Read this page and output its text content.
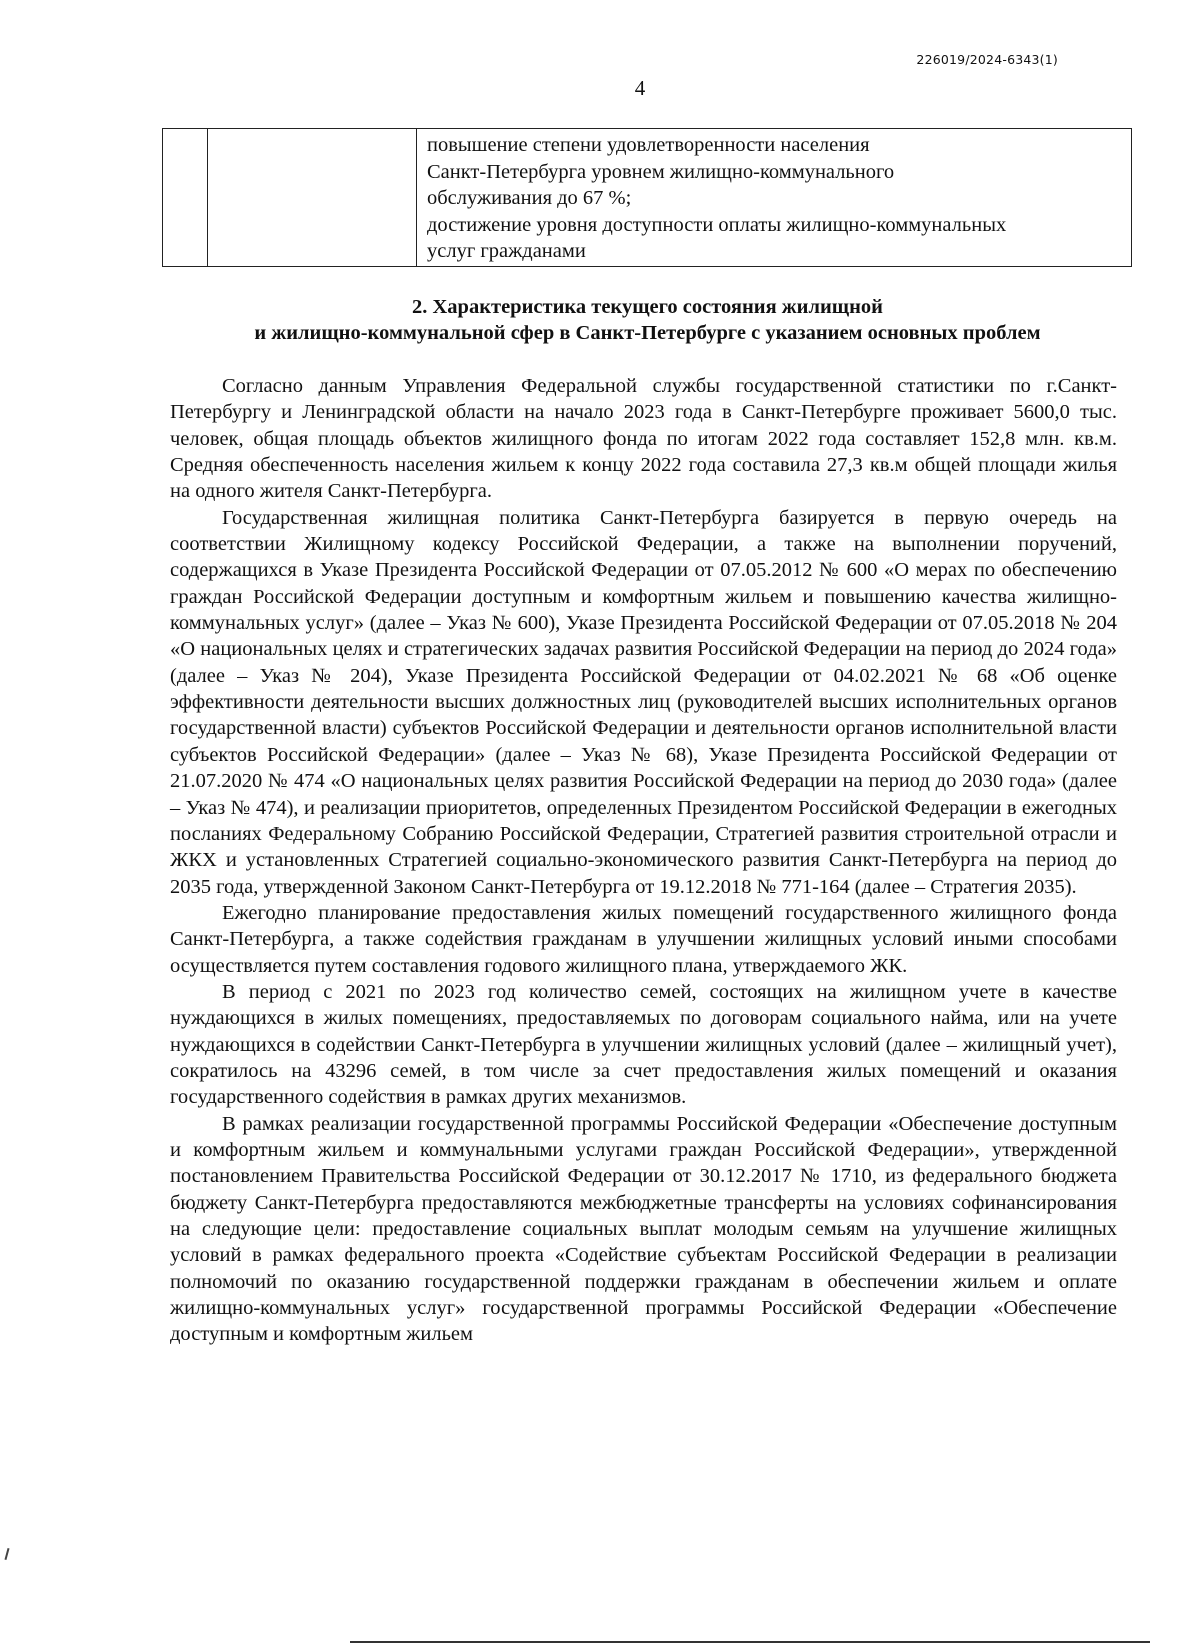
226019/2024-6343(1)
4

повышение степени удовлетворенности населения
Санкт-Петербурга уровнем жилищно-коммунального
обслуживания до 67 %;
достижение уровня доступности оплаты жилищно-коммунальных
услуг гражданами
2. Характеристика текущего состояния жилищной
и жилищно-коммунальной сфер в Санкт-Петербурге с указанием основных проблем

Согласно данным Управления Федеральной службы государственной статистики по г.Санкт-Петербургу и Ленинградской области на начало 2023 года в Санкт-Петербурге проживает 5600,0 тыс. человек, общая площадь объектов жилищного фонда по итогам 2022 года составляет 152,8 млн. кв.м. Средняя обеспеченность населения жильем к концу 2022 года составила 27,3 кв.м общей площади жилья на одного жителя Санкт-Петербурга.

Государственная жилищная политика Санкт-Петербурга базируется в первую очередь на соответствии Жилищному кодексу Российской Федерации, а также на выполнении поручений, содержащихся в Указе Президента Российской Федерации от 07.05.2012 № 600 «О мерах по обеспечению граждан Российской Федерации доступным и комфортным жильем и повышению качества жилищно-коммунальных услуг» (далее – Указ № 600), Указе Президента Российской Федерации от 07.05.2018 № 204 «О национальных целях и стратегических задачах развития Российской Федерации на период до 2024 года» (далее – Указ № 204), Указе Президента Российской Федерации от 04.02.2021 № 68 «Об оценке эффективности деятельности высших должностных лиц (руководителей высших исполнительных органов государственной власти) субъектов Российской Федерации и деятельности органов исполнительной власти субъектов Российской Федерации» (далее – Указ № 68), Указе Президента Российской Федерации от 21.07.2020 № 474 «О национальных целях развития Российской Федерации на период до 2030 года» (далее – Указ № 474), и реализации приоритетов, определенных Президентом Российской Федерации в ежегодных посланиях Федеральному Собранию Российской Федерации, Стратегией развития строительной отрасли и ЖКХ и установленных Стратегией социально-экономического развития Санкт-Петербурга на период до 2035 года, утвержденной Законом Санкт-Петербурга от 19.12.2018 № 771-164 (далее – Стратегия 2035).

Ежегодно планирование предоставления жилых помещений государственного жилищного фонда Санкт-Петербурга, а также содействия гражданам в улучшении жилищных условий иными способами осуществляется путем составления годового жилищного плана, утверждаемого ЖК.

В период с 2021 по 2023 год количество семей, состоящих на жилищном учете в качестве нуждающихся в жилых помещениях, предоставляемых по договорам социального найма, или на учете нуждающихся в содействии Санкт-Петербурга в улучшении жилищных условий (далее – жилищный учет), сократилось на 43296 семей, в том числе за счет предоставления жилых помещений и оказания государственного содействия в рамках других механизмов.

В рамках реализации государственной программы Российской Федерации «Обеспечение доступным и комфортным жильем и коммунальными услугами граждан Российской Федерации», утвержденной постановлением Правительства Российской Федерации от 30.12.2017 № 1710, из федерального бюджета бюджету Санкт-Петербурга предоставляются межбюджетные трансферты на условиях софинансирования на следующие цели: предоставление социальных выплат молодым семьям на улучшение жилищных условий в рамках федерального проекта «Содействие субъектам Российской Федерации в реализации полномочий по оказанию государственной поддержки гражданам в обеспечении жильем и оплате жилищно-коммунальных услуг» государственной программы Российской Федерации «Обеспечение доступным и комфортным жильем
